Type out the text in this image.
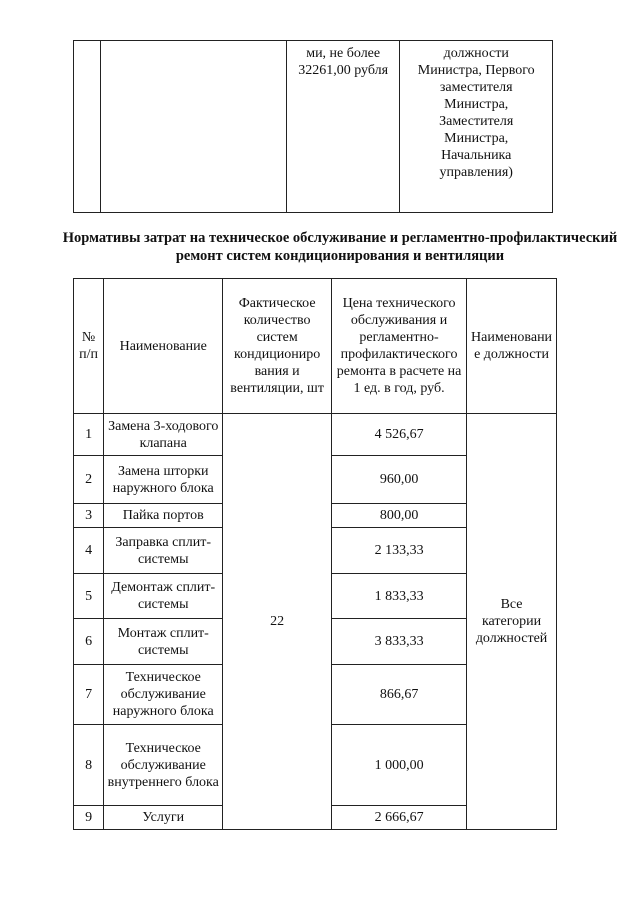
		ми, не более 32261,00 рубля	должности Министра, Первого заместителя Министра, Заместителя Министра, Начальника управления)
Нормативы затрат на техническое обслуживание и регламентно-профилактический ремонт систем кондиционирования и вентиляции
№ п/п	Наименование	Фактическое количество систем кондициониро вания и вентиляции, шт	Цена технического обслуживания и регламентно-профилактического ремонта в расчете на 1 ед. в год, руб.	Наименовани е должности
1	Замена 3-ходового клапана	22	4 526,67	Все категории должностей
2	Замена шторки наружного блока		960,00	
3	Пайка портов		800,00	
4	Заправка сплит-системы		2 133,33	
5	Демонтаж сплит-системы		1 833,33	
6	Монтаж сплит-системы		3 833,33	
7	Техническое обслуживание наружного блока		866,67	
8	Техническое обслуживание внутреннего блока		1 000,00	
9	Услуги		2 666,67	
